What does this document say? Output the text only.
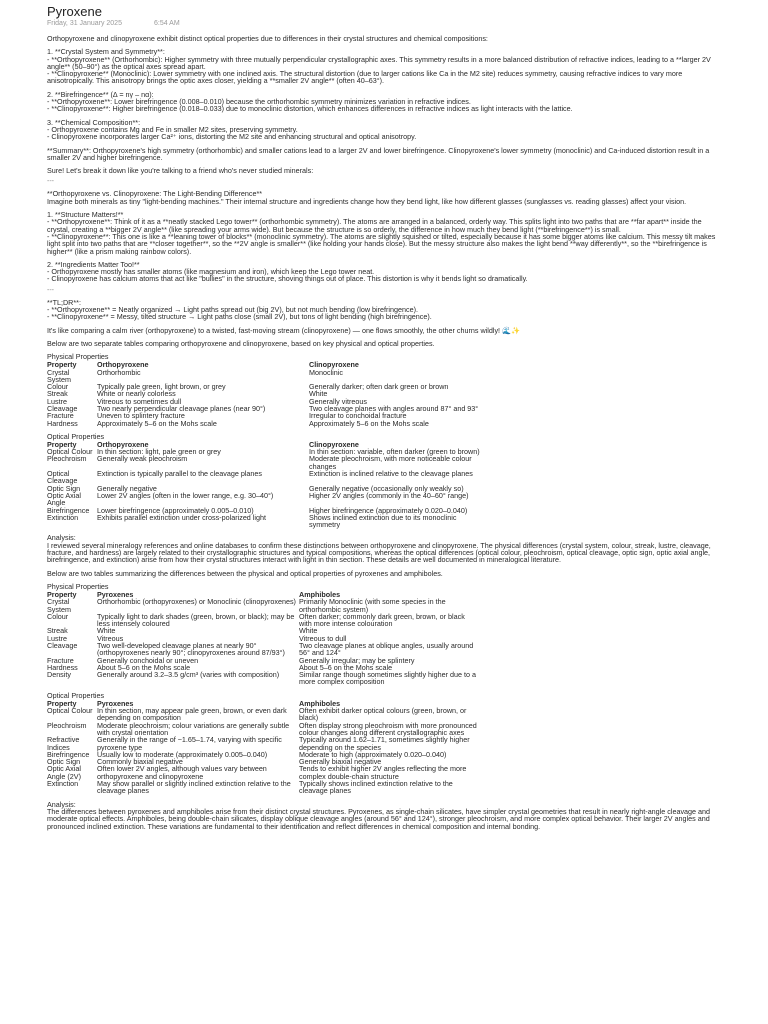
Pyroxene
Friday, 31 January 2025	6:54 AM

Orthopyroxene and clinopyroxene exhibit distinct optical properties due to differences in their crystal structures and chemical compositions:

1. **Crystal System and Symmetry**:
- **Orthopyroxene** (Orthorhombic): Higher symmetry with three mutually perpendicular crystallographic axes. This symmetry results in a more balanced distribution of refractive indices, leading to a **larger 2V angle** (50–90°) as the optical axes spread apart.
- **Clinopyroxene** (Monoclinic): Lower symmetry with one inclined axis. The structural distortion (due to larger cations like Ca in the M2 site) reduces symmetry, causing refractive indices to vary more anisotropically. This anisotropy brings the optic axes closer, yielding a **smaller 2V angle** (often 40–63°).

2. **Birefringence** (Δ = nγ – nα):
- **Orthopyroxene**: Lower birefringence (0.008–0.010) because the orthorhombic symmetry minimizes variation in refractive indices.
- **Clinopyroxene**: Higher birefringence (0.018–0.033) due to monoclinic distortion, which enhances differences in refractive indices as light interacts with the lattice.

3. **Chemical Composition**:
- Orthopyroxene contains Mg and Fe in smaller M2 sites, preserving symmetry.
- Clinopyroxene incorporates larger Ca²⁺ ions, distorting the M2 site and enhancing structural and optical anisotropy.

**Summary**: Orthopyroxene's high symmetry (orthorhombic) and smaller cations lead to a larger 2V and lower birefringence. Clinopyroxene's lower symmetry (monoclinic) and Ca-induced distortion result in a smaller 2V and higher birefringence.

Sure! Let's break it down like you're talking to a friend who's never studied minerals:

---

**Orthopyroxene vs. Clinopyroxene: The Light-Bending Difference**
Imagine both minerals as tiny "light-bending machines." Their internal structure and ingredients change how they bend light, like how different glasses (sunglasses vs. reading glasses) affect your vision.

1. **Structure Matters!**
- **Orthopyroxene**: Think of it as a **neatly stacked Lego tower** (orthorhombic symmetry). The atoms are arranged in a balanced, orderly way. This splits light into two paths that are **far apart** inside the crystal, creating a **bigger 2V angle** (like spreading your arms wide). But because the structure is so orderly, the difference in how much they bend light (**birefringence**) is small.
- **Clinopyroxene**: This one is like a **leaning tower of blocks** (monoclinic symmetry). The atoms are slightly squished or tilted, especially because it has some bigger atoms like calcium. This messy tilt makes light split into two paths that are **closer together**, so the **2V angle is smaller** (like holding your hands close). But the messy structure also makes the light bend **way differently**, so the **birefringence is higher** (like a prism making rainbow colors).

2. **Ingredients Matter Too!**
- Orthopyroxene mostly has smaller atoms (like magnesium and iron), which keep the Lego tower neat.
- Clinopyroxene has calcium atoms that act like "bullies" in the structure, shoving things out of place. This distortion is why it bends light so dramatically.

---

**TL;DR**:
- **Orthopyroxene** = Neatly organized → Light paths spread out (big 2V), but not much bending (low birefringence).
- **Clinopyroxene** = Messy, tilted structure → Light paths close (small 2V), but tons of light bending (high birefringence).

It's like comparing a calm river (orthopyroxene) to a twisted, fast-moving stream (clinopyroxene) — one flows smoothly, the other churns wildly! 🌊✨

Below are two separate tables comparing orthopyroxene and clinopyroxene, based on key physical and optical properties.

Physical Properties

Property	Orthopyroxene	Clinopyroxene
Crystal System	Orthorhombic	Monoclinic
Colour	Typically pale green, light brown, or grey	Generally darker; often dark green or brown
Streak	White or nearly colorless	White
Lustre	Vitreous to sometimes dull	Generally vitreous
Cleavage	Two nearly perpendicular cleavage planes (near 90°)	Two cleavage planes with angles around 87° and 93°
Fracture	Uneven to splintery fracture	Irregular to conchoidal fracture
Hardness	Approximately 5–6 on the Mohs scale	Approximately 5–6 on the Mohs scale

Optical Properties

Property	Orthopyroxene	Clinopyroxene
Optical Colour	In thin section: light, pale green or grey	In thin section: variable, often darker (green to brown)
Pleochroism	Generally weak pleochroism	Moderate pleochroism, with more noticeable colour changes
Optical Cleavage	Extinction is typically parallel to the cleavage planes	Extinction is inclined relative to the cleavage planes
Optic Sign	Generally negative	Generally negative (occasionally only weakly so)
Optic Axial Angle	Lower 2V angles (often in the lower range, e.g. 30–40°)	Higher 2V angles (commonly in the 40–60° range)
Birefringence	Lower birefringence (approximately 0.005–0.010)	Higher birefringence (approximately 0.020–0.040)
Extinction	Exhibits parallel extinction under cross-polarized light	Shows inclined extinction due to its monoclinic symmetry

Analysis:
I reviewed several mineralogy references and online databases to confirm these distinctions between orthopyroxene and clinopyroxene. The physical differences (crystal system, colour, streak, lustre, cleavage, fracture, and hardness) are largely related to their crystallographic structures and typical compositions, whereas the optical differences (optical colour, pleochroism, optical cleavage, optic sign, optic axial angle, birefringence, and extinction) arise from how their crystal structures interact with light in thin section. These details are well documented in mineralogical literature.

Below are two tables summarizing the differences between the physical and optical properties of pyroxenes and amphiboles.

Physical Properties

Property	Pyroxenes	Amphiboles
Crystal System	Orthorhombic (orthopyroxenes) or Monoclinic (clinopyroxenes)	Primarily Monoclinic (with some species in the orthorhombic system)
Colour	Typically light to dark shades (green, brown, or black); may be less intensely coloured	Often darker; commonly dark green, brown, or black with more intense colouration
Streak	White	White
Lustre	Vitreous	Vitreous to dull
Cleavage	Two well-developed cleavage planes at nearly 90° (orthopyroxenes nearly 90°; clinopyroxenes around 87/93°)	Two cleavage planes at oblique angles, usually around 56° and 124°
Fracture	Generally conchoidal or uneven	Generally irregular; may be splintery
Hardness	About 5–6 on the Mohs scale	About 5–6 on the Mohs scale
Density	Generally around 3.2–3.5 g/cm³ (varies with composition)	Similar range though sometimes slightly higher due to a more complex composition

Optical Properties

Property	Pyroxenes	Amphiboles
Optical Colour	In thin section, may appear pale green, brown, or even dark depending on composition	Often exhibit darker optical colours (green, brown, or black)
Pleochroism	Moderate pleochroism; colour variations are generally subtle with crystal orientation	Often display strong pleochroism with more pronounced colour changes along different crystallographic axes
Refractive Indices	Generally in the range of ~1.65–1.74, varying with specific pyroxene type	Typically around 1.62–1.71, sometimes slightly higher depending on the species
Birefringence	Usually low to moderate (approximately 0.005–0.040)	Moderate to high (approximately 0.020–0.040)
Optic Sign	Commonly biaxial negative	Generally biaxial negative
Optic Axial Angle (2V)	Often lower 2V angles, although values vary between orthopyroxene and clinopyroxene	Tends to exhibit higher 2V angles reflecting the more complex double-chain structure
Extinction	May show parallel or slightly inclined extinction relative to the cleavage planes	Typically shows inclined extinction relative to the cleavage planes

Analysis:
The differences between pyroxenes and amphiboles arise from their distinct crystal structures. Pyroxenes, as single-chain silicates, have simpler crystal geometries that result in nearly right-angle cleavage and moderate optical effects. Amphiboles, being double-chain silicates, display oblique cleavage angles (around 56° and 124°), stronger pleochroism, and more complex optical behavior. Their larger 2V angles and pronounced inclined extinction. These variations are fundamental to their identification and reflect differences in chemical composition and internal bonding.
